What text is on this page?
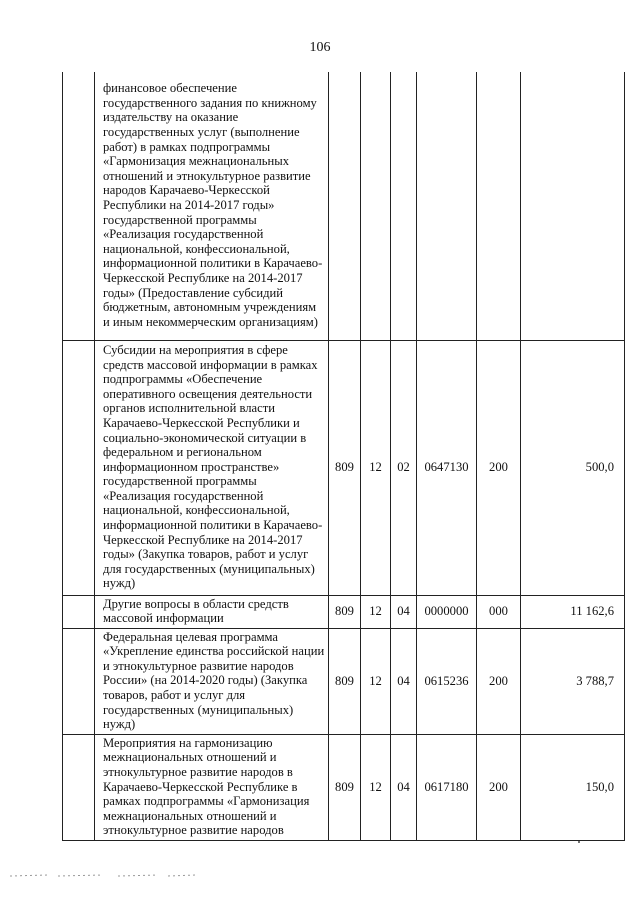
106
	финансовое обеспечение государственного задания по книжному издательству на оказание государственных услуг (выполнение работ) в рамках подпрограммы «Гармонизация межнациональных отношений и этнокультурное развитие народов Карачаево-Черкесской Республики на 2014-2017 годы» государственной программы «Реализация государственной национальной, конфессиональной, информационной политики в Карачаево-Черкесской Республике на 2014-2017 годы» (Предоставление субсидий бюджетным, автономным учреждениям и иным некоммерческим организациям)						
	Субсидии на мероприятия в сфере средств массовой информации в рамках подпрограммы «Обеспечение оперативного освещения деятельности органов исполнительной власти Карачаево-Черкесской Республики и социально-экономической ситуации в федеральном и региональном информационном пространстве» государственной программы «Реализация государственной национальной, конфессиональной, информационной политики в Карачаево-Черкесской Республике на 2014-2017 годы» (Закупка товаров, работ и услуг для государственных (муниципальных) нужд)	809	12	02	0647130	200	500,0
	Другие вопросы в области средств массовой информации	809	12	04	0000000	000	11 162,6
	Федеральная целевая программа «Укрепление единства российской нации и этнокультурное развитие народов России» (на 2014-2020 годы) (Закупка товаров, работ и услуг для государственных (муниципальных) нужд)	809	12	04	0615236	200	3 788,7
	Мероприятия на гармонизацию межнациональных отношений и этнокультурное развитие народов в Карачаево-Черкесской Республике в рамках подпрограммы «Гармонизация межнациональных отношений и этнокультурное развитие народов	809	12	04	0617180	200	150,0
